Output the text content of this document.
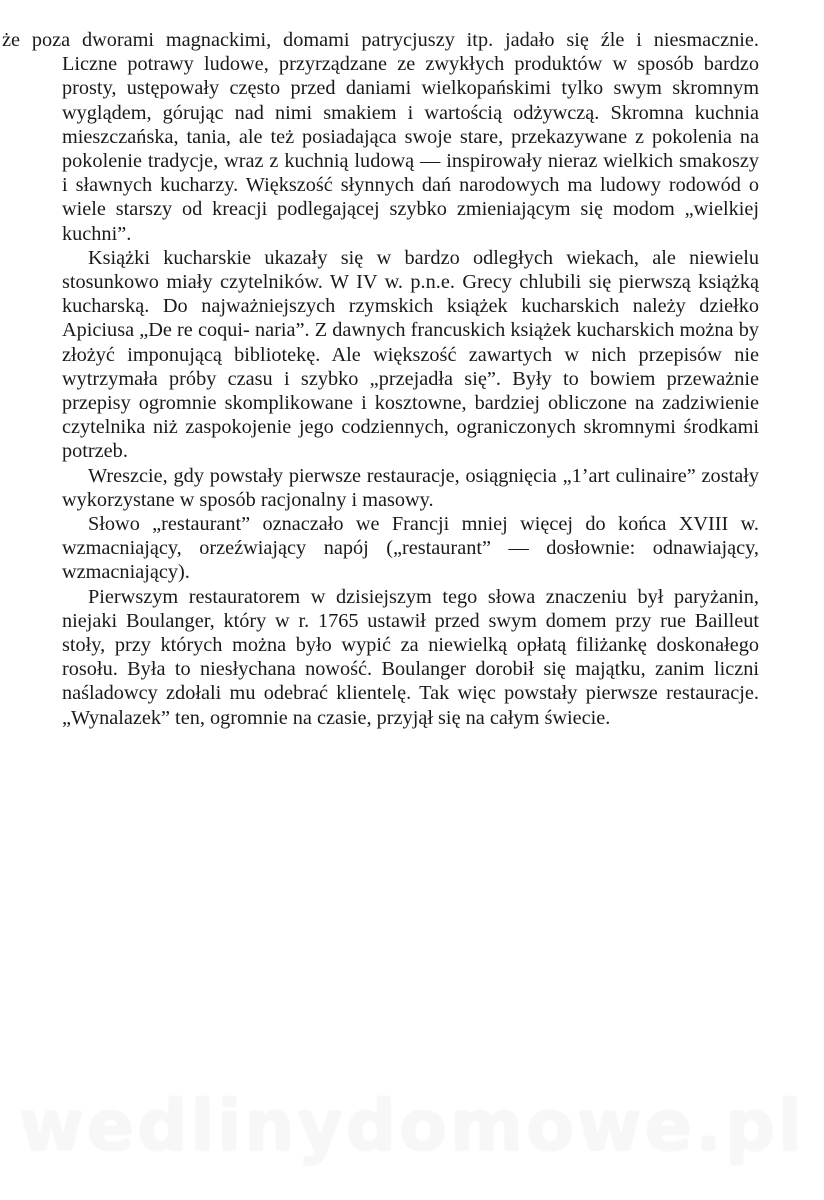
że poza dworami magnackimi, domami patrycjuszy itp. jadało się źle i niesmacznie. Liczne potrawy ludowe, przyrządzane ze zwykłych produktów w sposób bardzo prosty, ustępowały często przed daniami wielkopańskimi tylko swym skromnym wyglądem, górując nad nimi smakiem i wartością odżywczą. Skromna kuchnia mieszczańska, tania, ale też posiadająca swoje stare, przekazywane z pokolenia na pokolenie tradycje, wraz z kuchnią ludową — inspirowały nieraz wielkich smakoszy i sławnych kucharzy. Większość słynnych dań narodowych ma ludowy rodowód o wiele starszy od kreacji podlegającej szybko zmieniającym się modom „wielkiej kuchni”.

Książki kucharskie ukazały się w bardzo odległych wiekach, ale niewielu stosunkowo miały czytelników. W IV w. p.n.e. Grecy chlubili się pierwszą książką kucharską. Do najważniejszych rzymskich książek kucharskich należy dziełko Apiciusa „De re coqui- naria”. Z dawnych francuskich książek kucharskich można by złożyć imponującą bibliotekę. Ale większość zawartych w nich przepisów nie wytrzymała próby czasu i szybko „przejadła się”. Były to bowiem przeważnie przepisy ogromnie skomplikowane i kosztowne, bardziej obliczone na zadziwienie czytelnika niż zaspokojenie jego codziennych, ograniczonych skromnymi środkami potrzeb.

Wreszcie, gdy powstały pierwsze restauracje, osiągnięcia „1’art culinaire” zostały wykorzystane w sposób racjonalny i masowy.

Słowo „restaurant” oznaczało we Francji mniej więcej do końca XVIII w. wzmacniający, orzeźwiający napój („restaurant” — dosłownie: odnawiający, wzmacniający).

Pierwszym restauratorem w dzisiejszym tego słowa znaczeniu był paryżanin, niejaki Boulanger, który w r. 1765 ustawił przed swym domem przy rue Bailleut stoły, przy których można było wypić za niewielką opłatą filiżankę doskonałego rosołu. Była to niesłychana nowość. Boulanger dorobił się majątku, zanim liczni naśladowcy zdołali mu odebrać klientelę. Tak więc powstały pierwsze restauracje. „Wynalazek” ten, ogromnie na czasie, przyjął się na całym świecie.

wedlinydomowe.pl
